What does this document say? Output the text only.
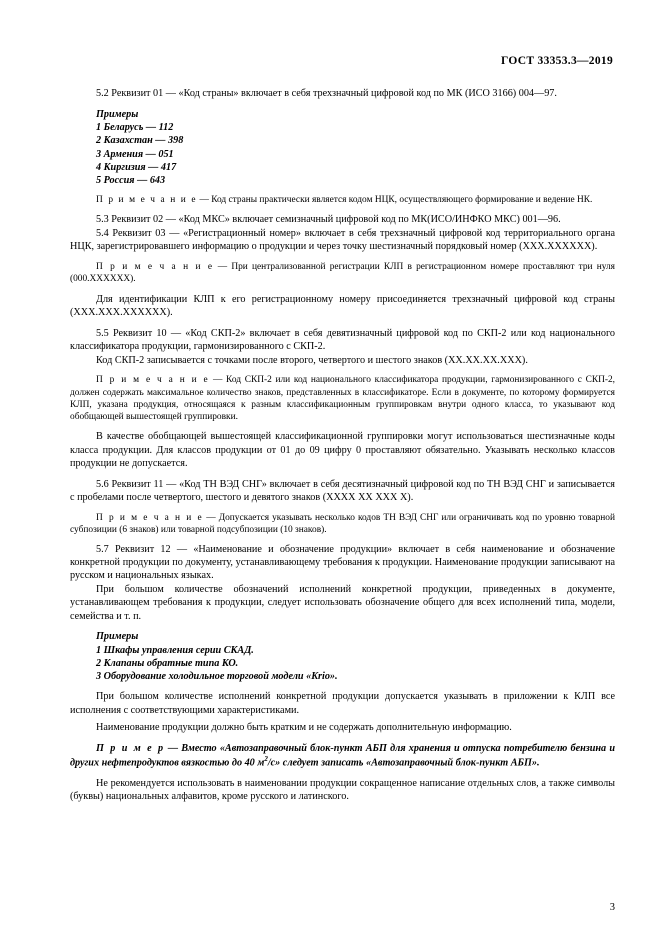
ГОСТ 33353.3—2019

5.2 Реквизит 01 — «Код страны» включает в себя трехзначный цифровой код по МК (ИСО 3166) 004—97.

Примеры

1 Беларусь — 112

2 Казахстан — 398

3 Армения — 051

4 Киргизия — 417

5 Россия — 643

П р и м е ч а н и е — Код страны практически является кодом НЦК, осуществляющего формирование и ведение НК.

5.3 Реквизит 02 — «Код МКС» включает семизначный цифровой код по МК(ИСО/ИНФКО МКС) 001—96.

5.4 Реквизит 03 — «Регистрационный номер» включает в себя трехзначный цифровой код территориального органа НЦК, зарегистрировавшего информацию о продукции и через точку шестизначный порядковый номер (ХХХ.ХХХХХХ).

П р и м е ч а н и е — При централизованной регистрации КЛП в регистрационном номере проставляют три нуля (000.ХХХХХХ).

Для идентификации КЛП к его регистрационному номеру присоединяется трехзначный цифровой код страны (ХХХ.ХХХ.ХХХХХХ).

5.5 Реквизит 10 — «Код СКП-2» включает в себя девятизначный цифровой код по СКП-2 или код национального классификатора продукции, гармонизированного с СКП-2.

Код СКП-2 записывается с точками после второго, четвертого и шестого знаков (ХХ.ХХ.ХХ.ХХХ).

П р и м е ч а н и е — Код СКП-2 или код национального классификатора продукции, гармонизированного с СКП-2, должен содержать максимальное количество знаков, представленных в классификаторе. Если в документе, по которому формируется КЛП, указана продукция, относящаяся к разным классификационным группировкам внутри одного класса, то указывают код обобщающей вышестоящей группировки.

В качестве обобщающей вышестоящей классификационной группировки могут использоваться шестизначные коды класса продукции. Для классов продукции от 01 до 09 цифру 0 проставляют обязательно. Указывать несколько классов продукции не допускается.

5.6 Реквизит 11 — «Код ТН ВЭД СНГ» включает в себя десятизначный цифровой код по ТН ВЭД СНГ и записывается с пробелами после четвертого, шестого и девятого знаков (ХХХХ ХХ ХХХ Х).

П р и м е ч а н и е — Допускается указывать несколько кодов ТН ВЭД СНГ или ограничивать код по уровню товарной субпозиции (6 знаков) или товарной подсубпозиции (10 знаков).

5.7 Реквизит 12 — «Наименование и обозначение продукции» включает в себя наименование и обозначение конкретной продукции по документу, устанавливающему требования к продукции. Наименование продукции записывают на русском и национальных языках.

При большом количестве обозначений исполнений конкретной продукции, приведенных в документе, устанавливающем требования к продукции, следует использовать обозначение общего для всех исполнений типа, модели, семейства и т. п.

Примеры

1 Шкафы управления серии СКАД.

2 Клапаны обратные типа КО.

3 Оборудование холодильное торговой модели «Krio».

При большом количестве исполнений конкретной продукции допускается указывать в приложении к КЛП все исполнения с соответствующими характеристиками.

Наименование продукции должно быть кратким и не содержать дополнительную информацию.

П р и м е р — Вместо «Автозаправочный блок-пункт АБП для хранения и отпуска потребителю бензина и других нефтепродуктов вязкостью до 40 $м^2/с$» следует записать «Автозаправочный блок-пункт АБП».

Не рекомендуется использовать в наименовании продукции сокращенное написание отдельных слов, а также символы (буквы) национальных алфавитов, кроме русского и латинского.

3
